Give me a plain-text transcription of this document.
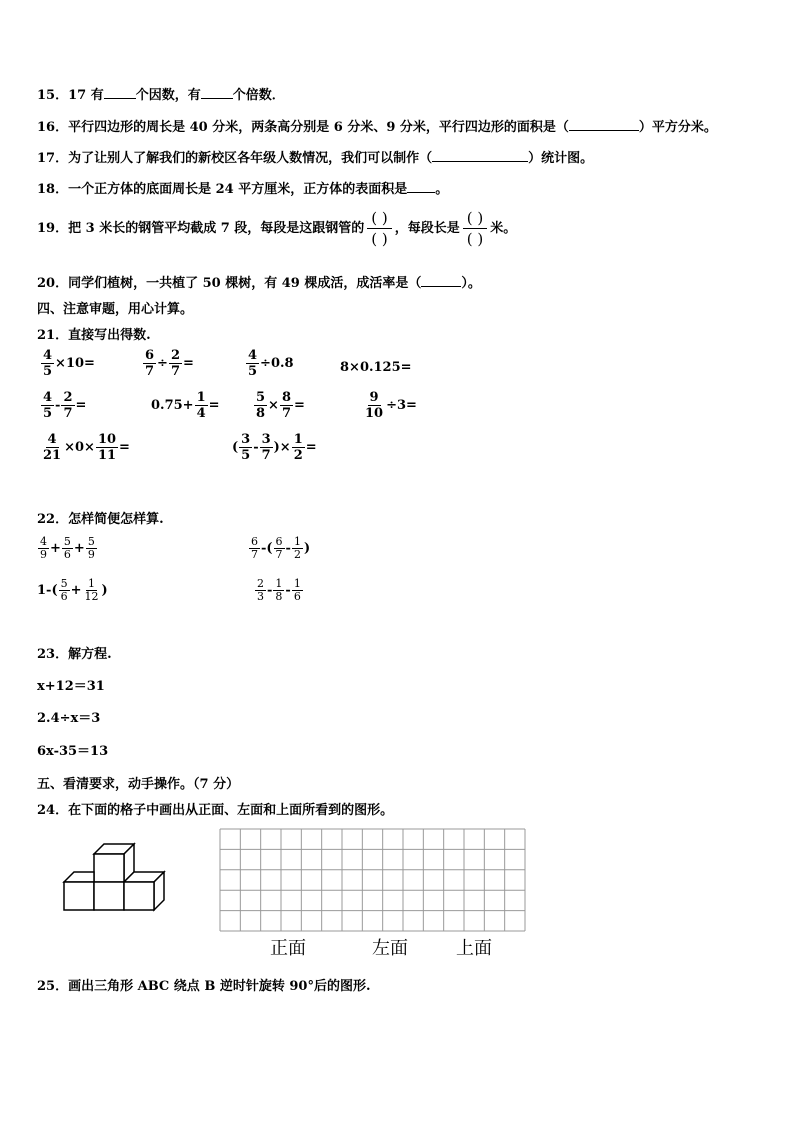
15．17 有 个因数，有 个倍数．
16．平行四边形的周长是 40 分米，两条高分别是 6 分米、9 分米，平行四边形的面积是（	）平方分米。
17．为了让别人了解我们的新校区各年级人数情况，我们可以制作（	）统计图。
18．一个正方体的底面周长是 24 平方厘米，正方体的表面积是 。
19．把 3 米长的钢管平均截成 7 段，每段是这跟钢管的
( )
( )
，每段长是
( )
( )
米。
20．同学们植树，一共植了 50 棵树，有 49 棵成活，成活率是（	）。
四、注意审题，用心计算。
21．直接写出得数.
$\frac{4}{5} \times 10=$	$\frac{6}{7} \div \frac{2}{7}$ =	$\frac{4}{5} \div 0.8$	8×0.125=
$\frac{4}{5} - \frac{2}{7}$ =	$0.75+ \frac{1}{4}$ =	$\frac{5}{8} \times \frac{8}{7}$ =	$\frac{9}{10} \div 3=$
$\frac{4}{21} \times 0\times \frac{10}{11}$ =	( $\frac{3}{5} - \frac{3}{7}$ )× $\frac{1}{2}$ =
22．怎样简便怎样算.
$\frac{4}{9} + \frac{5}{6} + \frac{5}{9}$	$\frac{6}{7}$ -( $\frac{6}{7} - \frac{1}{2}$ )
$1-( \frac{5}{6} + \frac{1}{12}$ )	$\frac{2}{3} - \frac{1}{8} - \frac{1}{6}$
23．解方程.
x+12＝31
2.4÷x＝3
6x-35＝13
五、看清要求，动手操作。（7 分）
24．在下面的格子中画出从正面、左面和上面所看到的图形。
正面	左面	上面
25．画出三角形 ABC 绕点 B 逆时针旋转 90°后的图形.
